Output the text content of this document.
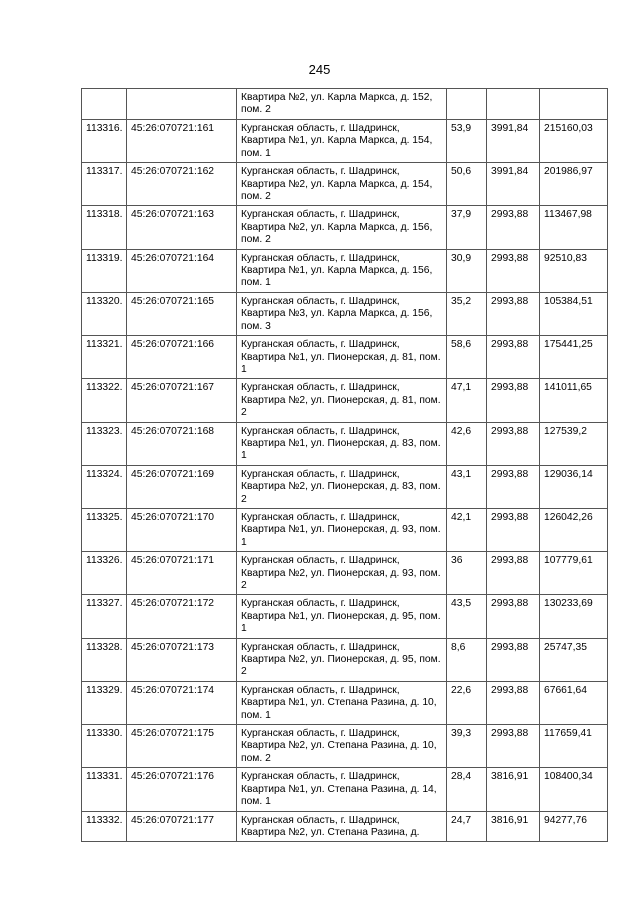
245
		Квартира №2, ул. Карла Маркса, д. 152, пом. 2			
113316.	45:26:070721:161	Курганская область, г. Шадринск, Квартира №1, ул. Карла Маркса, д. 154, пом. 1	53,9	3991,84	215160,03
113317.	45:26:070721:162	Курганская область, г. Шадринск, Квартира №2, ул. Карла Маркса, д. 154, пом. 2	50,6	3991,84	201986,97
113318.	45:26:070721:163	Курганская область, г. Шадринск, Квартира №2, ул. Карла Маркса, д. 156, пом. 2	37,9	2993,88	113467,98
113319.	45:26:070721:164	Курганская область, г. Шадринск, Квартира №1, ул. Карла Маркса, д. 156, пом. 1	30,9	2993,88	92510,83
113320.	45:26:070721:165	Курганская область, г. Шадринск, Квартира №3, ул. Карла Маркса, д. 156, пом. 3	35,2	2993,88	105384,51
113321.	45:26:070721:166	Курганская область, г. Шадринск, Квартира №1, ул. Пионерская, д. 81, пом. 1	58,6	2993,88	175441,25
113322.	45:26:070721:167	Курганская область, г. Шадринск, Квартира №2, ул. Пионерская, д. 81, пом. 2	47,1	2993,88	141011,65
113323.	45:26:070721:168	Курганская область, г. Шадринск, Квартира №1, ул. Пионерская, д. 83, пом. 1	42,6	2993,88	127539,2
113324.	45:26:070721:169	Курганская область, г. Шадринск, Квартира №2, ул. Пионерская, д. 83, пом. 2	43,1	2993,88	129036,14
113325.	45:26:070721:170	Курганская область, г. Шадринск, Квартира №1, ул. Пионерская, д. 93, пом. 1	42,1	2993,88	126042,26
113326.	45:26:070721:171	Курганская область, г. Шадринск, Квартира №2, ул. Пионерская, д. 93, пом. 2	36	2993,88	107779,61
113327.	45:26:070721:172	Курганская область, г. Шадринск, Квартира №1, ул. Пионерская, д. 95, пом. 1	43,5	2993,88	130233,69
113328.	45:26:070721:173	Курганская область, г. Шадринск, Квартира №2, ул. Пионерская, д. 95, пом. 2	8,6	2993,88	25747,35
113329.	45:26:070721:174	Курганская область, г. Шадринск, Квартира №1, ул. Степана Разина, д. 10, пом. 1	22,6	2993,88	67661,64
113330.	45:26:070721:175	Курганская область, г. Шадринск, Квартира №2, ул. Степана Разина, д. 10, пом. 2	39,3	2993,88	117659,41
113331.	45:26:070721:176	Курганская область, г. Шадринск, Квартира №1, ул. Степана Разина, д. 14, пом. 1	28,4	3816,91	108400,34
113332.	45:26:070721:177	Курганская область, г. Шадринск, Квартира №2, ул. Степана Разина, д.	24,7	3816,91	94277,76
